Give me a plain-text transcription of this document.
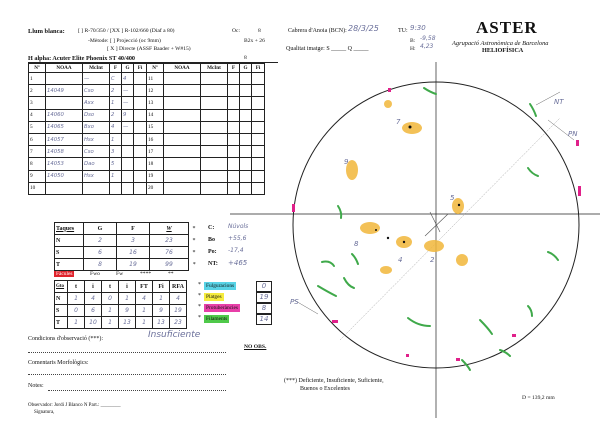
Llum blanca: [ ] R-70/350 / [XX ] R-102/660 (Diaf a 80)	Oc:	8
-Mètode: [ ] Projecció (oc 9mm)	B2x + 26
[ X ] Directe (ASSF Baader + W#15)
H alpha: Acuter Elite Phoenix ST 40/400	8
Cabrera d'Anoia (BCN): 28/3/25	TU: 9:30
B: -9,58
H: 4,23
Qualitat imatge: S _____ Q _____
ASTER
Agrupació Astronòmica de Barcelona
HELIOFÍSICA
Nº	NOAA	McInt	F	G	Fi	Nº	NOAA	McInt	F	G	Fi
1		—	C	4		11					
2	14049	Cso	2	—		12					
3		Axx	1	—		13					
4	14060	Dso	2	9		14					
5	14065	Bxo	4	—		15					
6	14057	Hsx	1			16					
7	14058	Cso	3			17					
8	14053	Dao	5			18					
9	14050	Hsx	1			19					
10						20					
Taques	G	F	W	*
N	2	3	23	*
S	6	16	76	*
T	8	19	99	*
C: Núvols
Bo +55,6
Po: -17,4
NT: +465
Fàcules	Fwo	Fw	****	**
Gto	t	i	t	i	FT	Fi	RFA
N	1	4	0	1	4	1	4
S	0	6	1	9	1	9	19
T	1	10	1	13	1	13	23
* Fulguracions	0
* Platges	19
* Protuberàncies	8
* Filaments	14
Condicions d'observació (***):	Insuficiente
NO OBS.
Comentaris Morfològics:
Notes:
Observador: Jordi J Blanco N Part.: ________
Signatura,
(***) Deficiente, Insuficiente, Suficiente,
Buenos o Excelentes
D = 139,2 mm
PN
NT
PS
9
7
8
5
4	2
